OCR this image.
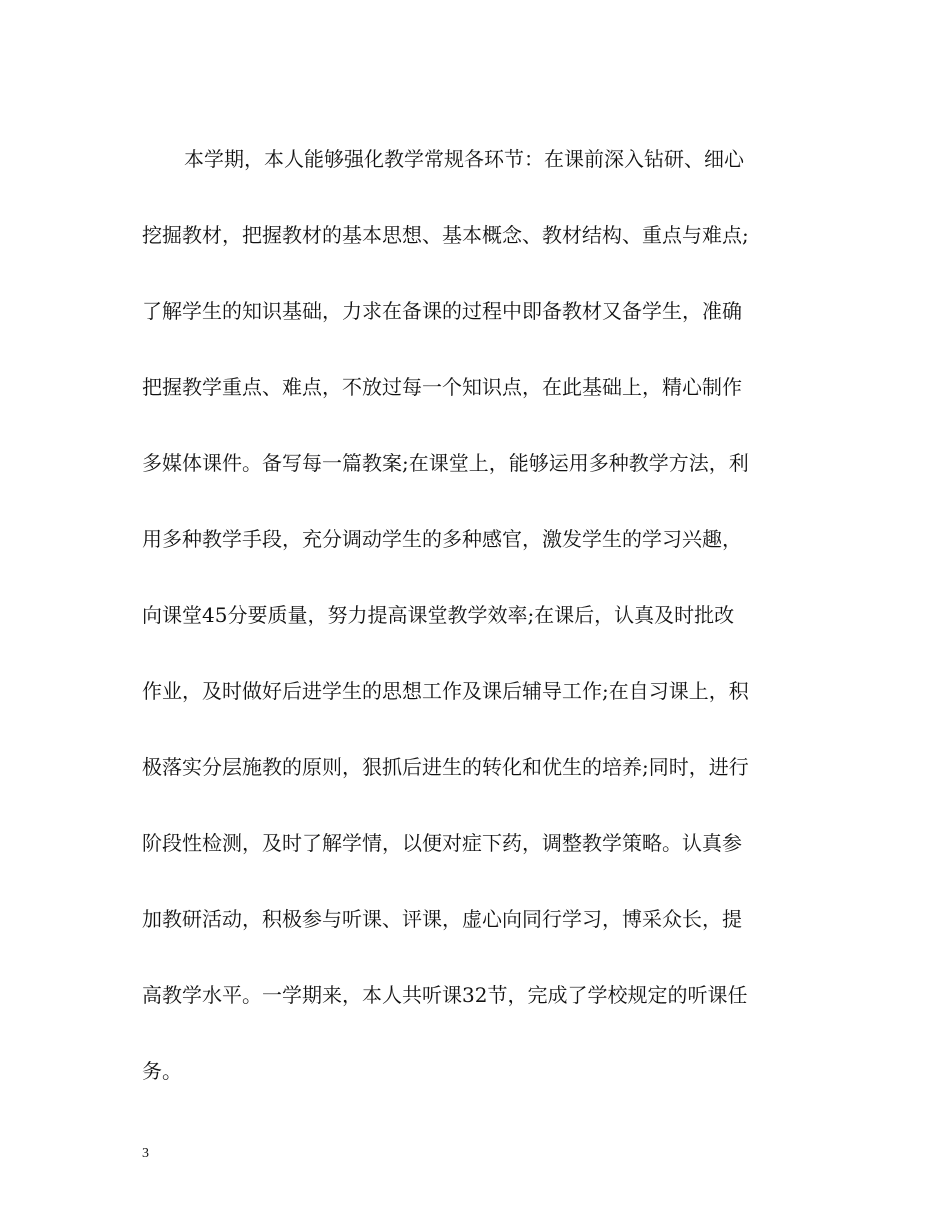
本学期，本人能够强化教学常规各环节：在课前深入钻研、细心
挖掘教材，把握教材的基本思想、基本概念、教材结构、重点与难点;
了解学生的知识基础，力求在备课的过程中即备教材又备学生，准确
把握教学重点、难点，不放过每一个知识点，在此基础上，精心制作
多媒体课件。备写每一篇教案;在课堂上，能够运用多种教学方法，利
用多种教学手段，充分调动学生的多种感官，激发学生的学习兴趣，
向课堂45分要质量，努力提高课堂教学效率;在课后，认真及时批改
作业，及时做好后进学生的思想工作及课后辅导工作;在自习课上，积
极落实分层施教的原则，狠抓后进生的转化和优生的培养;同时，进行
阶段性检测，及时了解学情，以便对症下药，调整教学策略。认真参
加教研活动，积极参与听课、评课，虚心向同行学习，博采众长，提
高教学水平。一学期来，本人共听课32节，完成了学校规定的听课任
务。
3
